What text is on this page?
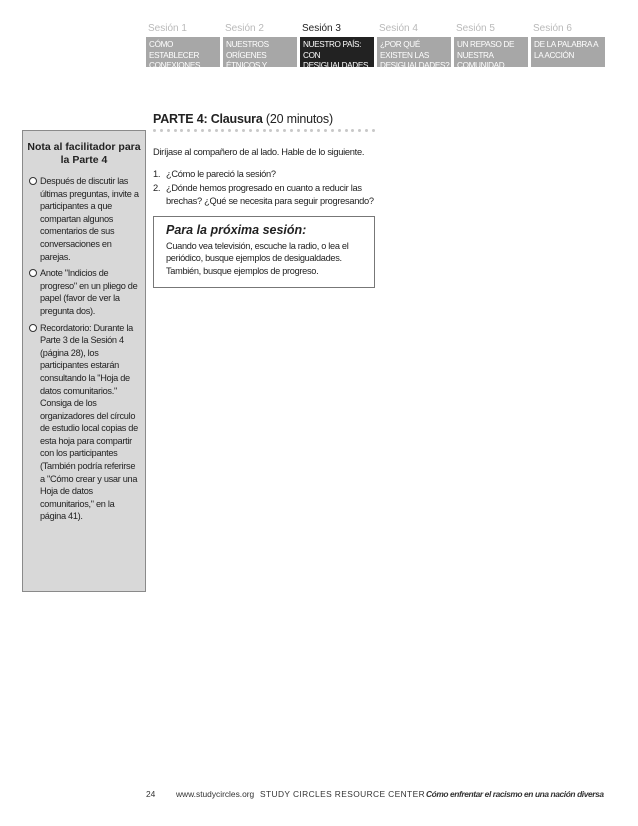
Sesión 1
CÓMO ESTABLECER CONEXIONES
Sesión 2
NUESTROS ORÍGENES ÉTNICOS Y RACIALES
Sesión 3
NUESTRO PAÍS: CON DESIGUALDADES
Sesión 4
¿POR QUÉ EXISTEN LAS DESIGUALDADES?
Sesión 5
UN REPASO DE NUESTRA COMUNIDAD
Sesión 6
DE LA PALABRA A LA ACCIÓN
Nota al facilitador para la Parte 4
Después de discutir las últimas preguntas, invite a participantes a que compartan algunos comentarios de sus conversaciones en parejas.
Anote "Indicios de progreso" en un pliego de papel (favor de ver la pregunta dos).
Recordatorio: Durante la Parte 3 de la Sesión 4 (página 28), los participantes estarán consultando la "Hoja de datos comunitarios." Consiga de los organizadores del círculo de estudio local copias de esta hoja para compartir con los participantes (También podría referirse a "Cómo crear y usar una Hoja de datos comunitarios," en la página 41).
PARTE 4: Clausura (20 minutos)

Diríjase al compañero de al lado. Hable de lo siguiente.

1. ¿Cómo le pareció la sesión?
2. ¿Dónde hemos progresado en cuanto a reducir las brechas? ¿Qué se necesita para seguir progresando?
Para la próxima sesión:

Cuando vea televisión, escuche la radio, o lea el periódico, busque ejemplos de desigualdades. También, busque ejemplos de progreso.

24 www.studycircles.org STUDY CIRCLES RESOURCE CENTER Cómo enfrentar el racismo en una nación diversa
